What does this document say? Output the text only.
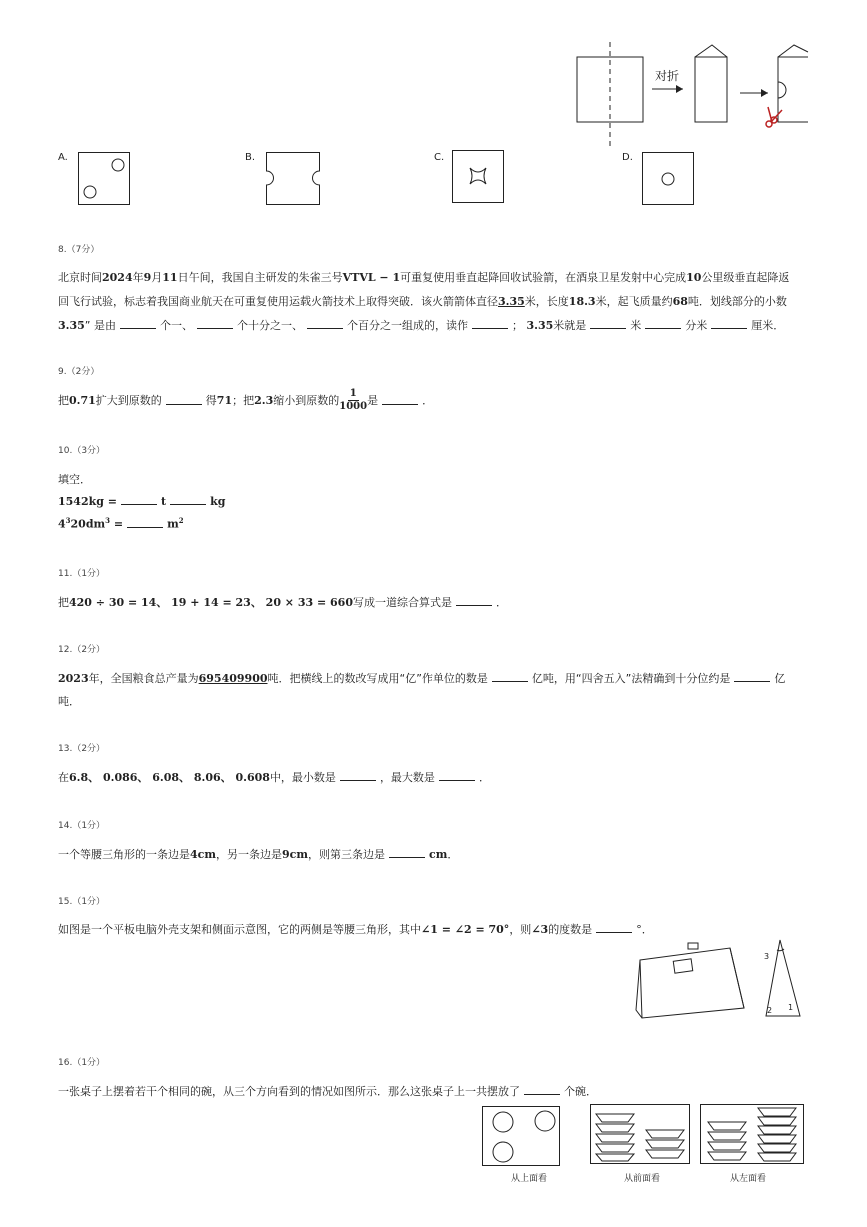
对折
A.	B.	C.	D.
8.（7分）
北京时间2024年9月11日午间，我国自主研发的朱雀三号VTVL − 1可重复使用垂直起降回收试验箭，在酒泉卫星发射中心完成10公里级垂直起降返
回飞行试验，标志着我国商业航天在可重复使用运载火箭技术上取得突破．该火箭箭体直径3.35米，长度18.3米，起飞质量约68吨．划线部分的小数
3.35” 是由	个一、	个十分之一、	个百分之一组成的，读作	； 3.35米就是	米	分米	厘米．
9.（2分）
把 0.71 扩大到原数的	得 71 ；把 2.3 缩小到原数的 $\frac{1}{1000}$ 是	．
10.（3分）
填空．
1542kg =	t	kg
$4^320dm^3$ =	$m^2$
11.（1分）
把420 ÷ 30 = 14、 19 + 14 = 23、 20 × 33 = 660写成一道综合算式是	．
12.（2分）
2023年，全国粮食总产量为695409900吨．把横线上的数改写成用“亿”作单位的数是	亿吨，用“四舍五入”法精确到十分位约是	亿
吨．
13.（2分）
在6.8、 0.086、 6.08、 8.06、 0.608中，最小数是	，最大数是	．
14.（1分）
一个等腰三角形的一条边是4cm，另一条边是9cm，则第三条边是	cm．
15.（1分）
如图是一个平板电脑外壳支架和侧面示意图，它的两侧是等腰三角形，其中∠1 = ∠2 = 70°，则∠3的度数是	°．
3
2 1
16.（1分）
一张桌子上摆着若干个相同的碗，从三个方向看到的情况如图所示．那么这张桌子上一共摆放了	个碗．
从上面看	从前面看	从左面看
